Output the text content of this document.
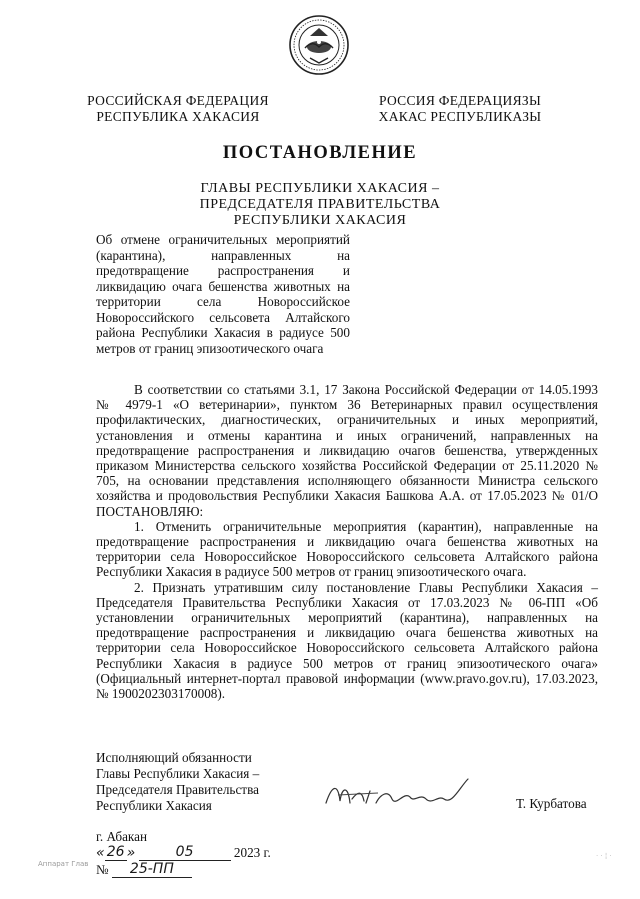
РОССИЙСКАЯ ФЕДЕРАЦИЯ
РЕСПУБЛИКА ХАКАСИЯ
РОССИЯ ФЕДЕРАЦИЯЗЫ
ХАКАС РЕСПУБЛИКАЗЫ
ПОСТАНОВЛЕНИЕ
ГЛАВЫ РЕСПУБЛИКИ ХАКАСИЯ –
ПРЕДСЕДАТЕЛЯ ПРАВИТЕЛЬСТВА
РЕСПУБЛИКИ ХАКАСИЯ
Об отмене ограничительных мероприятий (карантина), направленных на предотвращение распространения и ликвидацию очага бешенства животных на территории села Новороссийское Новороссийского сельсовета Алтайского района Республики Хакасия в радиусе 500 метров от границ эпизоотического очага

В соответствии со статьями 3.1, 17 Закона Российской Федерации от 14.05.1993 № 4979-1 «О ветеринарии», пунктом 36 Ветеринарных правил осуществления профилактических, диагностических, ограничительных и иных мероприятий, установления и отмены карантина и иных ограничений, направленных на предотвращение распространения и ликвидацию очагов бешенства, утвержденных приказом Министерства сельского хозяйства Российской Федерации от 25.11.2020 № 705, на основании представления исполняющего обязанности Министра сельского хозяйства и продовольствия Республики Хакасия Башкова А.А. от 17.05.2023 № 01/О ПОСТАНОВЛЯЮ:

1. Отменить ограничительные мероприятия (карантин), направленные на предотвращение распространения и ликвидацию очага бешенства животных на территории села Новороссийское Новороссийского сельсовета Алтайского района Республики Хакасия в радиусе 500 метров от границ эпизоотического очага.

2. Признать утратившим силу постановление Главы Республики Хакасия – Председателя Правительства Республики Хакасия от 17.03.2023 № 06-ПП «Об установлении ограничительных мероприятий (карантина), направленных на предотвращение распространения и ликвидацию очага бешенства животных на территории села Новороссийское Новороссийского сельсовета Алтайского района Республики Хакасия в радиусе 500 метров от границ эпизоотического очага» (Официальный интернет-портал правовой информации (www.pravo.gov.ru), 17.03.2023, № 1900202303170008).

Исполняющий обязанности
Главы Республики Хакасия –
Председателя Правительства
Республики Хакасия	Т. Курбатова
г. Абакан
« 26 »	05	2023 г.
№ 25-ПП
Аппарат Глав
· · ¦ ·
